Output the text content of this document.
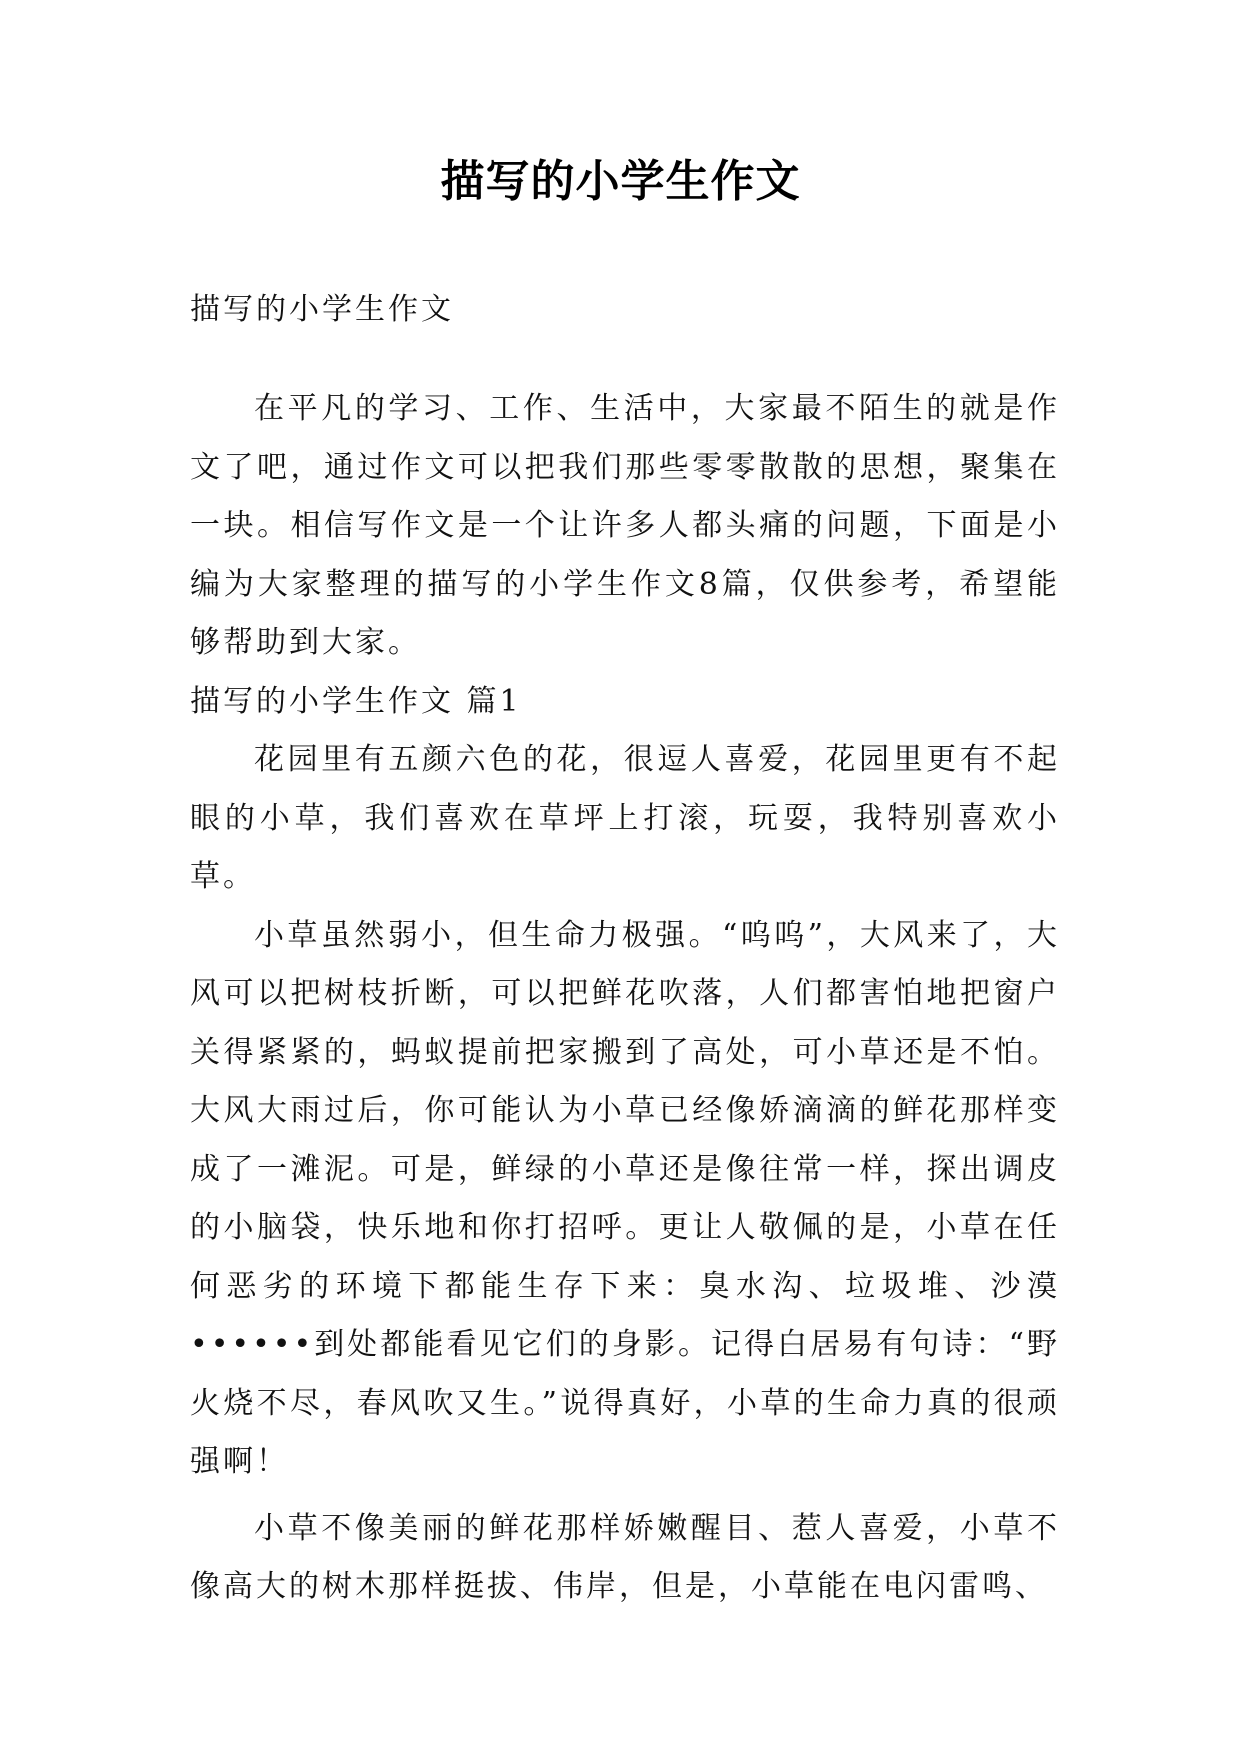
描写的小学生作文
描写的小学生作文

在平凡的学习、工作、生活中，大家最不陌生的就是作文了吧，通过作文可以把我们那些零零散散的思想，聚集在一块。相信写作文是一个让许多人都头痛的问题，下面是小编为大家整理的描写的小学生作文8篇，仅供参考，希望能够帮助到大家。

描写的小学生作文 篇1

花园里有五颜六色的花，很逗人喜爱，花园里更有不起眼的小草，我们喜欢在草坪上打滚，玩耍，我特别喜欢小草。

小草虽然弱小，但生命力极强。“呜呜”，大风来了，大风可以把树枝折断，可以把鲜花吹落，人们都害怕地把窗户关得紧紧的，蚂蚁提前把家搬到了高处，可小草还是不怕。大风大雨过后，你可能认为小草已经像娇滴滴的鲜花那样变成了一滩泥。可是，鲜绿的小草还是像往常一样，探出调皮的小脑袋，快乐地和你打招呼。更让人敬佩的是，小草在任何恶劣的环境下都能生存下来：臭水沟、垃圾堆、沙漠••••••到处都能看见它们的身影。记得白居易有句诗：“野火烧不尽，春风吹又生。”说得真好，小草的生命力真的很顽强啊！

小草不像美丽的鲜花那样娇嫩醒目、惹人喜爱，小草不像高大的树木那样挺拔、伟岸，但是，小草能在电闪雷鸣、
